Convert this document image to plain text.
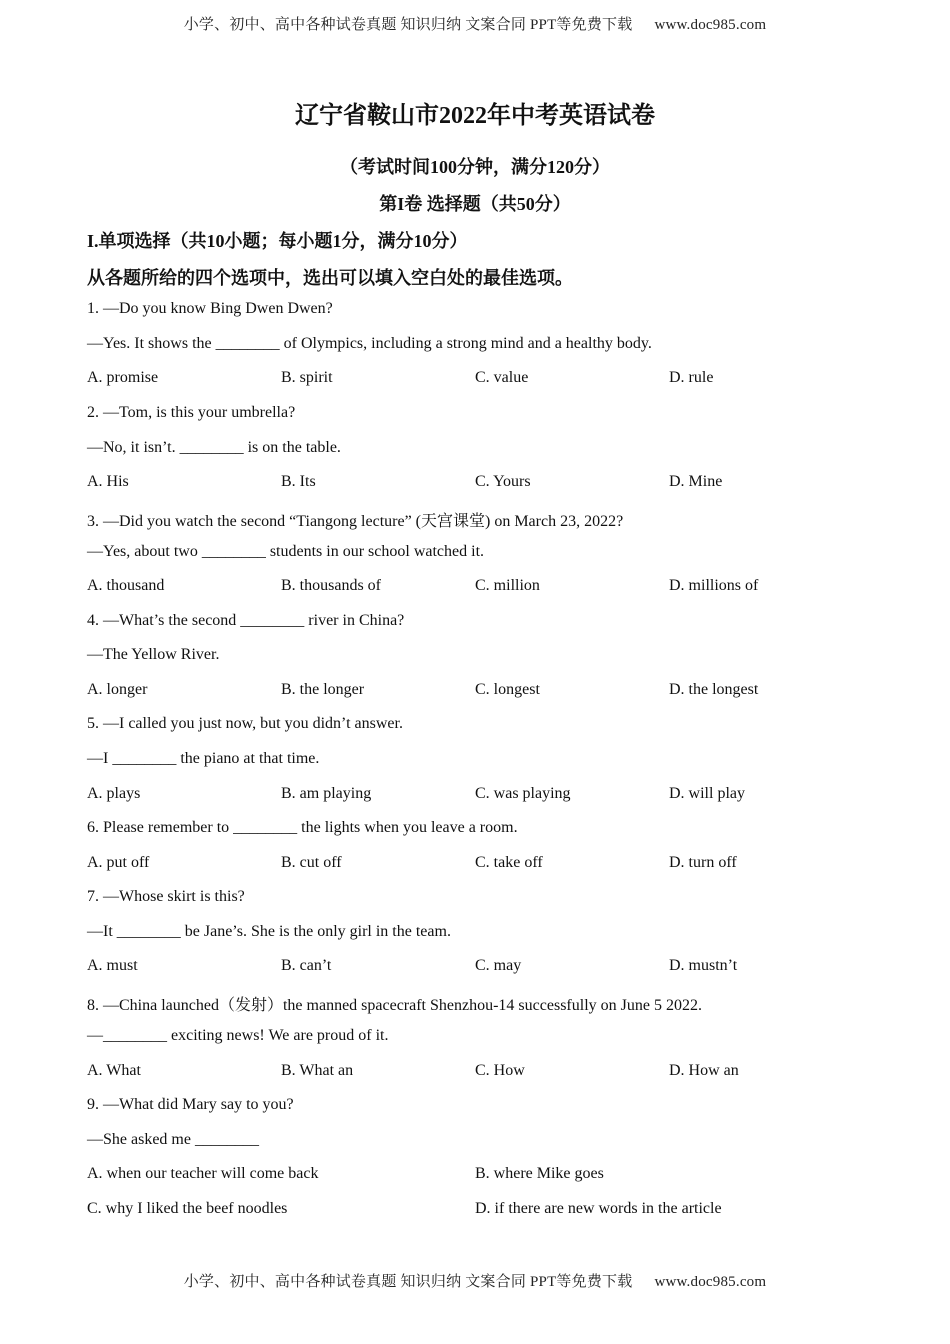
小学、初中、高中各种试卷真题 知识归纳 文案合同 PPT等免费下载 www.doc985.com
辽宁省鞍山市2022年中考英语试卷
（考试时间100分钟，满分120分）
第I卷 选择题（共50分）
I.单项选择（共10小题；每小题1分，满分10分）
从各题所给的四个选项中，选出可以填入空白处的最佳选项。
1. —Do you know Bing Dwen Dwen?
—Yes. It shows the ________ of Olympics, including a strong mind and a healthy body.
A. promise	B. spirit	C. value	D. rule
2. —Tom, is this your umbrella?
—No, it isn’t. ________ is on the table.
A. His	B. Its	C. Yours	D. Mine
3. —Did you watch the second “Tiangong lecture” (天宫课堂) on March 23, 2022?
—Yes, about two ________ students in our school watched it.
A. thousand	B. thousands of	C. million	D. millions of
4. —What’s the second ________ river in China?
—The Yellow River.
A. longer	B. the longer	C. longest	D. the longest
5. —I called you just now, but you didn’t answer.
—I ________ the piano at that time.
A. plays	B. am playing	C. was playing	D. will play
6. Please remember to ________ the lights when you leave a room.
A. put off	B. cut off	C. take off	D. turn off
7. —Whose skirt is this?
—It ________ be Jane’s. She is the only girl in the team.
A. must	B. can’t	C. may	D. mustn’t
8. —China launched（发射）the manned spacecraft Shenzhou-14 successfully on June 5 2022.
—________ exciting news! We are proud of it.
A. What	B. What an	C. How	D. How an
9. —What did Mary say to you?
—She asked me ________
A. when our teacher will come back	B. where Mike goes
C. why I liked the beef noodles	D. if there are new words in the article
小学、初中、高中各种试卷真题 知识归纳 文案合同 PPT等免费下载 www.doc985.com
